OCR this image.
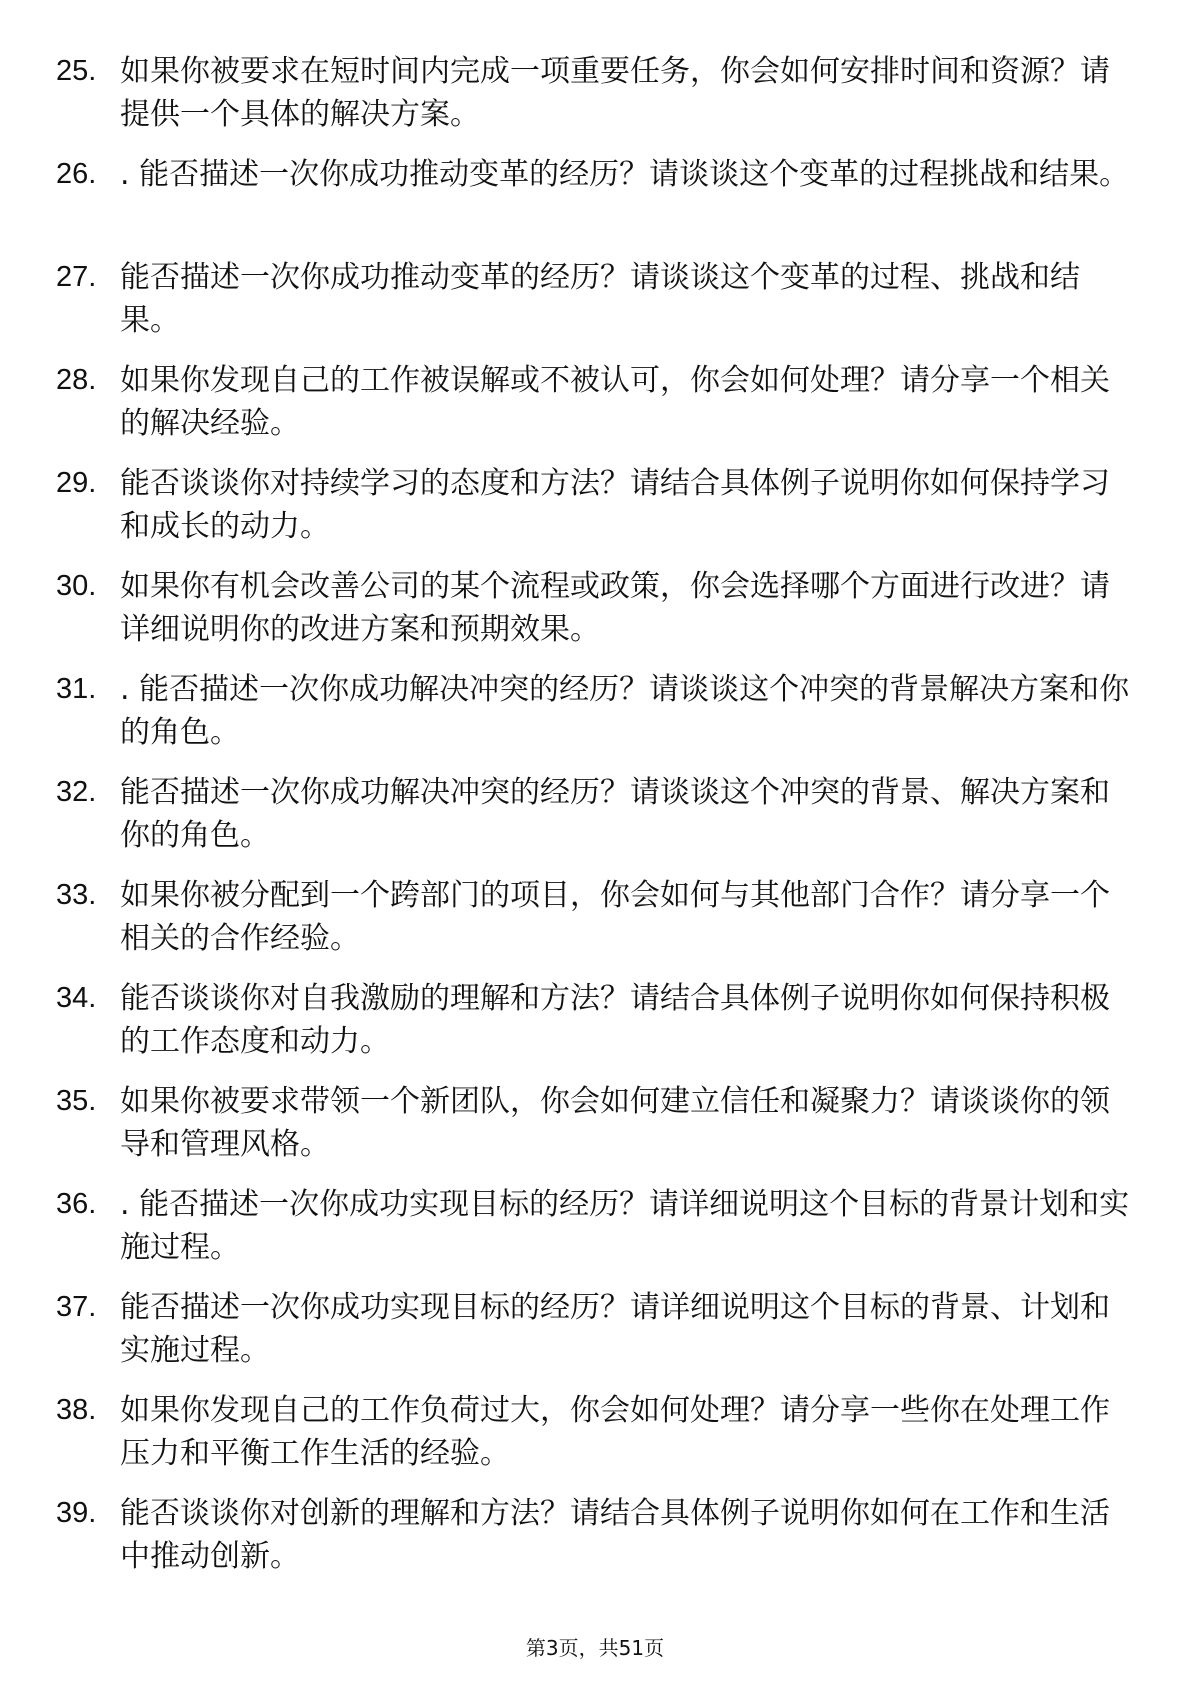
25. 如果你被要求在短时间内完成一项重要任务，你会如何安排时间和资源？请提供一个具体的解决方案。
26. . 能否描述一次你成功推动变革的经历？请谈谈这个变革的过程挑战和结果。
27. 能否描述一次你成功推动变革的经历？请谈谈这个变革的过程、挑战和结果。
28. 如果你发现自己的工作被误解或不被认可，你会如何处理？请分享一个相关的解决经验。
29. 能否谈谈你对持续学习的态度和方法？请结合具体例子说明你如何保持学习和成长的动力。
30. 如果你有机会改善公司的某个流程或政策，你会选择哪个方面进行改进？请详细说明你的改进方案和预期效果。
31. . 能否描述一次你成功解决冲突的经历？请谈谈这个冲突的背景解决方案和你的角色。
32. 能否描述一次你成功解决冲突的经历？请谈谈这个冲突的背景、解决方案和你的角色。
33. 如果你被分配到一个跨部门的项目，你会如何与其他部门合作？请分享一个相关的合作经验。
34. 能否谈谈你对自我激励的理解和方法？请结合具体例子说明你如何保持积极的工作态度和动力。
35. 如果你被要求带领一个新团队，你会如何建立信任和凝聚力？请谈谈你的领导和管理风格。
36. . 能否描述一次你成功实现目标的经历？请详细说明这个目标的背景计划和实施过程。
37. 能否描述一次你成功实现目标的经历？请详细说明这个目标的背景、计划和实施过程。
38. 如果你发现自己的工作负荷过大，你会如何处理？请分享一些你在处理工作压力和平衡工作生活的经验。
39. 能否谈谈你对创新的理解和方法？请结合具体例子说明你如何在工作和生活中推动创新。
第3页，共51页
